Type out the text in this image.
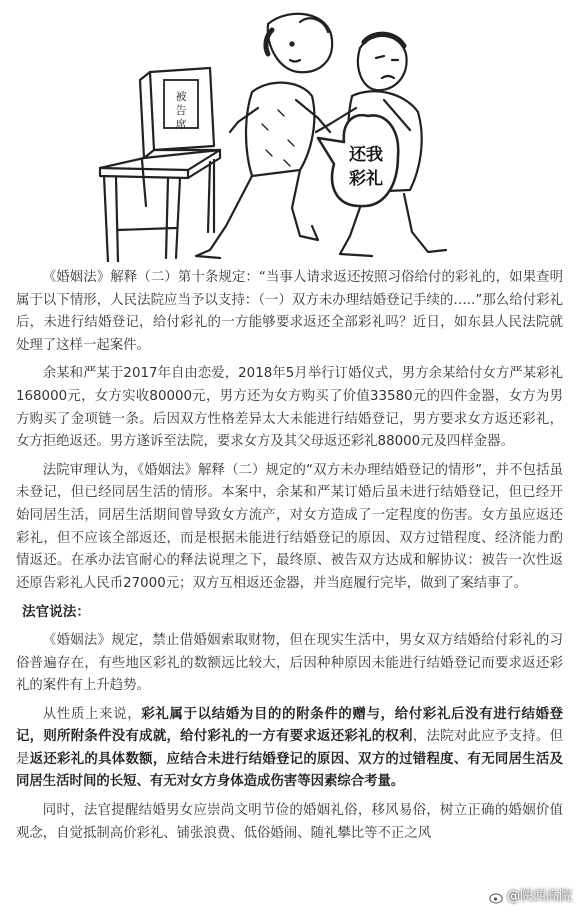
被告席
还我
彩礼

《婚姻法》解释（二）第十条规定：“当事人请求返还按照习俗给付的彩礼的，如果查明属于以下情形，人民法院应当予以支持：（一）双方未办理结婚登记手续的…..”那么给付彩礼后，未进行结婚登记，给付彩礼的一方能够要求返还全部彩礼吗？近日，如东县人民法院就处理了这样一起案件。

余某和严某于2017年自由恋爱，2018年5月举行订婚仪式，男方余某给付女方严某彩礼168000元，女方实收80000元，男方还为女方购买了价值33580元的四件金器，女方为男方购买了金项链一条。后因双方性格差异太大未能进行结婚登记，男方要求女方返还彩礼，女方拒绝返还。男方遂诉至法院，要求女方及其父母返还彩礼88000元及四样金器。

法院审理认为，《婚姻法》解释（二）规定的“双方未办理结婚登记的情形”，并不包括虽未登记，但已经同居生活的情形。本案中，余某和严某订婚后虽未进行结婚登记，但已经开始同居生活，同居生活期间曾导致女方流产，对女方造成了一定程度的伤害。女方虽应返还彩礼，但不应该全部返还，而是根据未能进行结婚登记的原因、双方过错程度、经济能力酌情返还。在承办法官耐心的释法说理之下，最终原、被告双方达成和解协议：被告一次性返还原告彩礼人民币27000元；双方互相返还金器，并当庭履行完毕，做到了案结事了。

法官说法：

《婚姻法》规定，禁止借婚姻索取财物，但在现实生活中，男女双方结婚给付彩礼的习俗普遍存在，有些地区彩礼的数额远比较大，后因种种原因未能进行结婚登记而要求返还彩礼的案件有上升趋势。

从性质上来说，彩礼属于以结婚为目的的附条件的赠与，给付彩礼后没有进行结婚登记，则所附条件没有成就，给付彩礼的一方有要求返还彩礼的权利，法院对此应予支持。但是返还彩礼的具体数额，应结合未进行结婚登记的原因、双方的过错程度、有无同居生活及同居生活时间的长短、有无对女方身体造成伤害等因素综合考量。

同时，法官提醒结婚男女应崇尚文明节俭的婚姻礼俗，移风易俗，树立正确的婚姻价值观念，自觉抵制高价彩礼、铺张浪费、低俗婚闹、随礼攀比等不正之风

@陕西高院
